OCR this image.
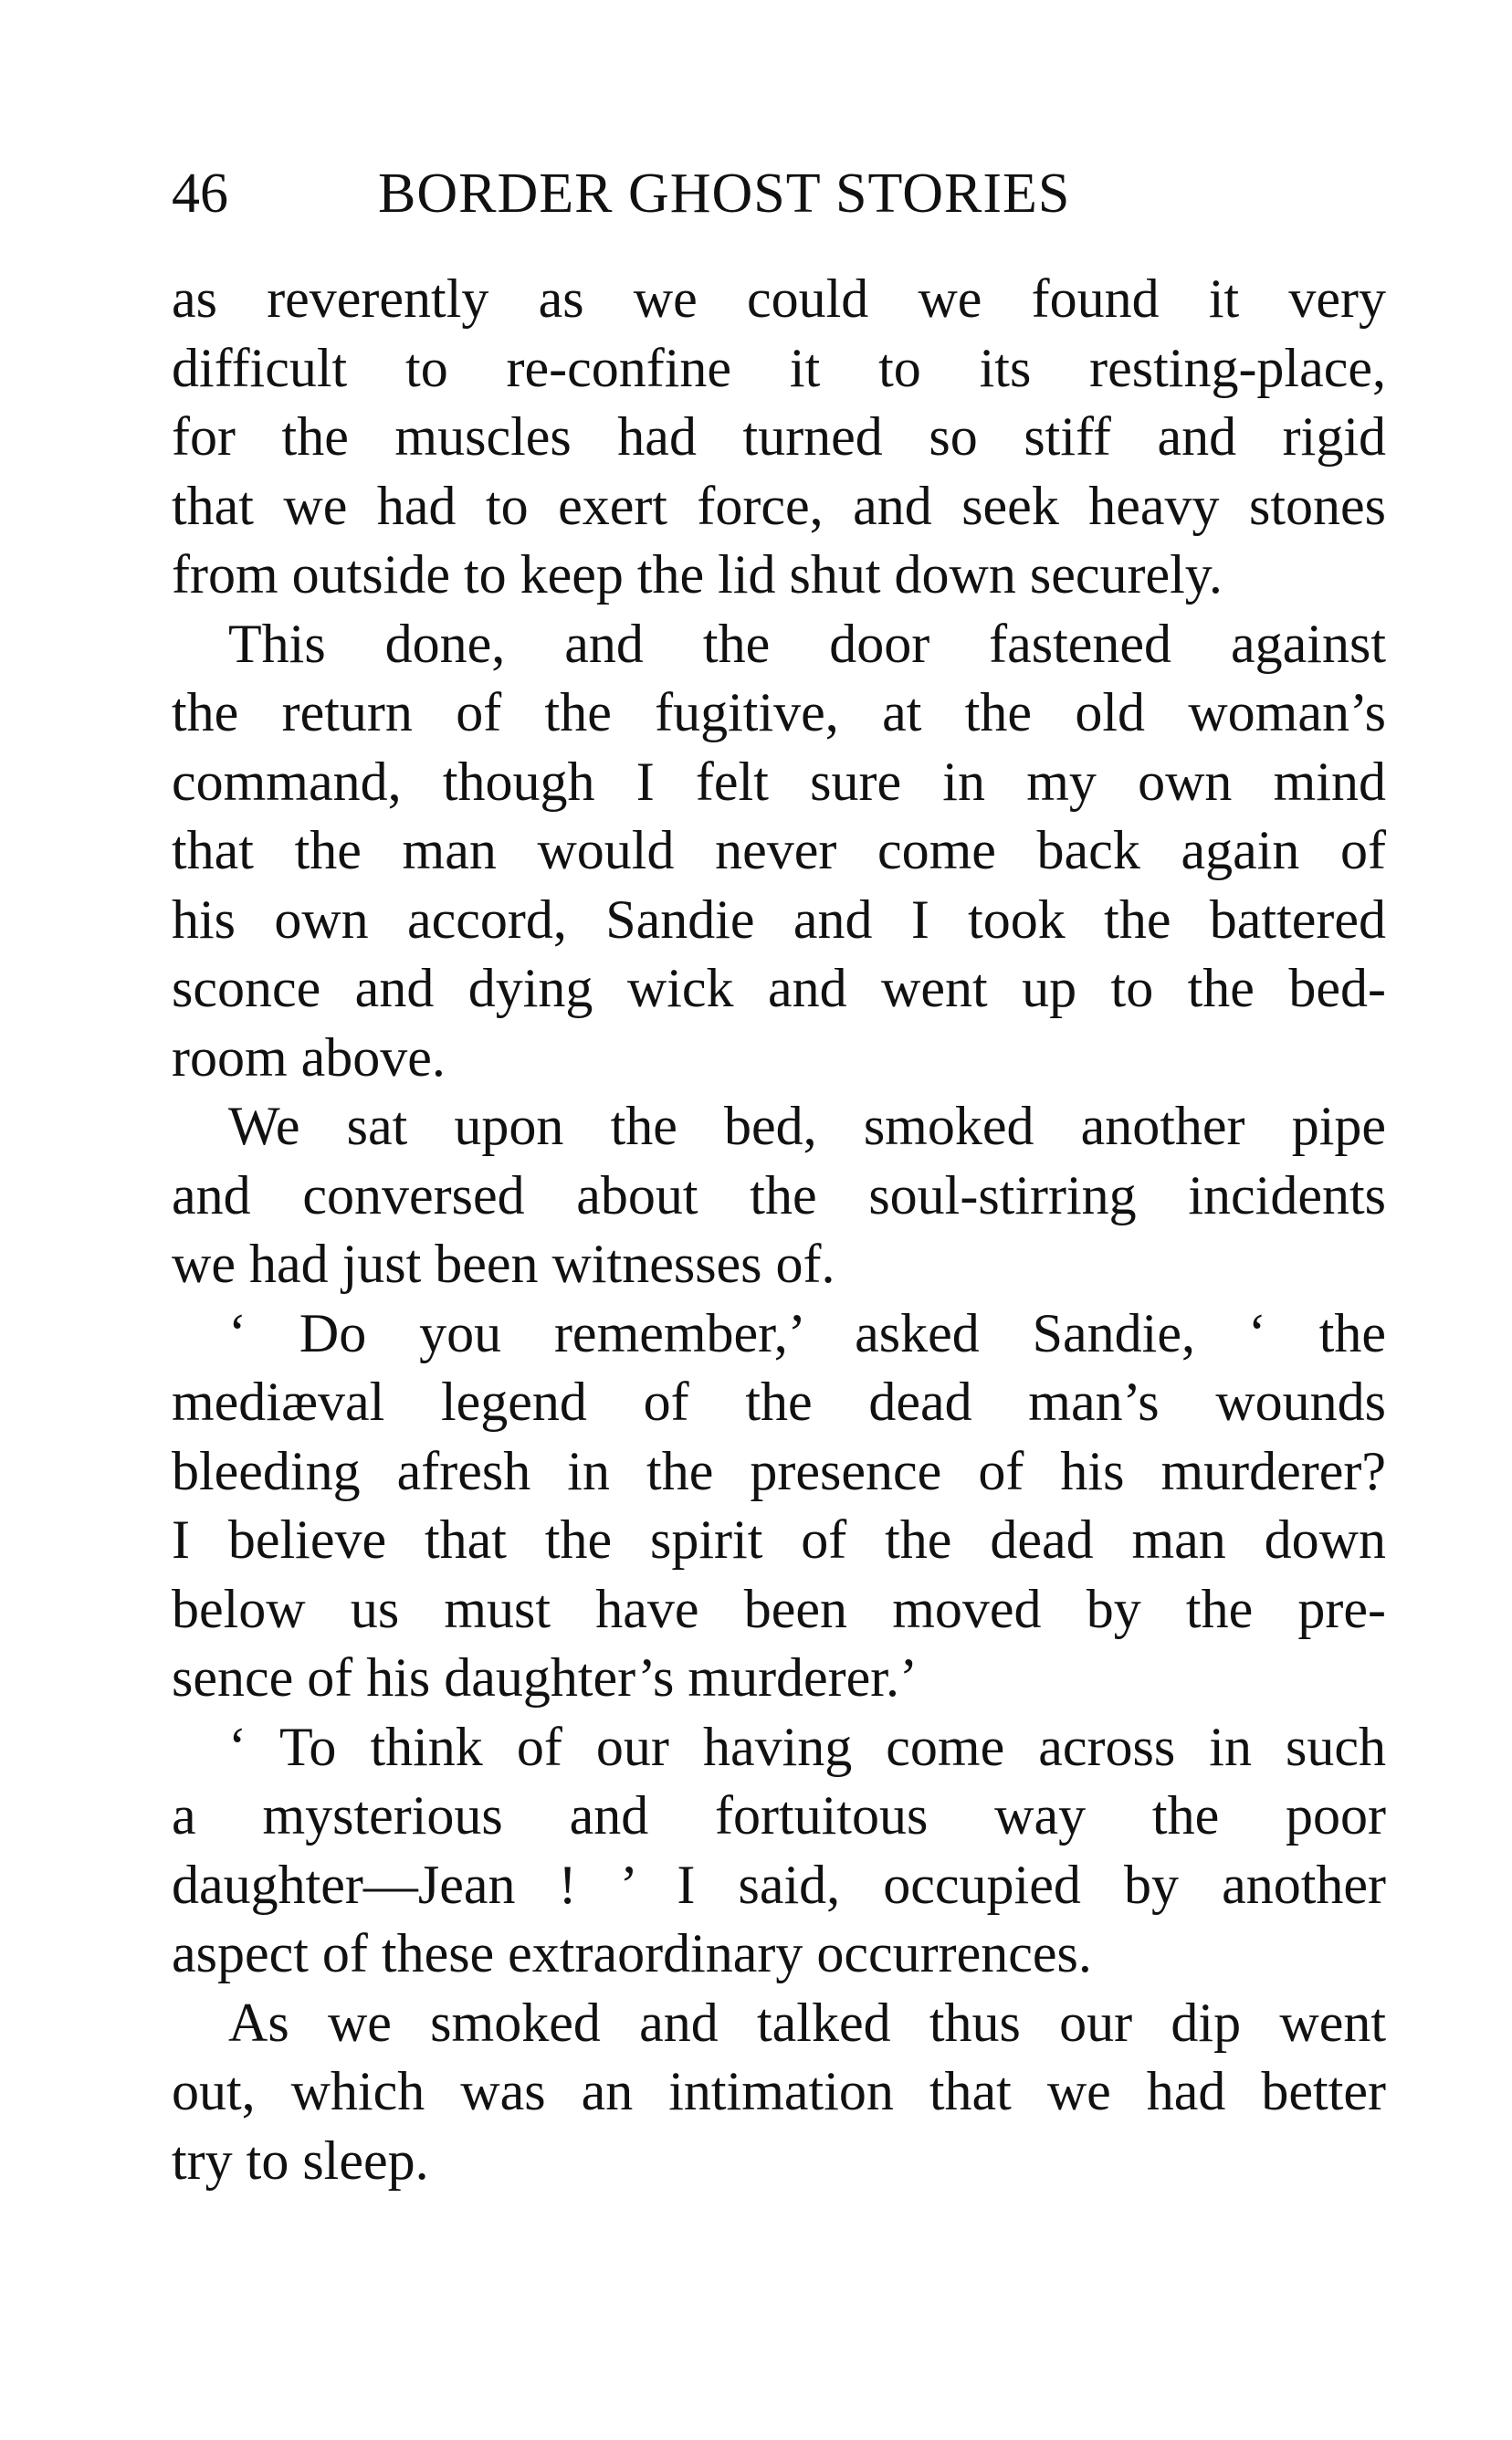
46	BORDER GHOST STORIES
as reverently as we could we found it very
difficult to re-confine it to its resting-place,
for the muscles had turned so stiff and rigid
that we had to exert force, and seek heavy stones
from outside to keep the lid shut down securely.
This done, and the door fastened against
the return of the fugitive, at the old woman’s
command, though I felt sure in my own mind
that the man would never come back again of
his own accord, Sandie and I took the battered
sconce and dying wick and went up to the bed-
room above.
We sat upon the bed, smoked another pipe
and conversed about the soul-stirring incidents
we had just been witnesses of.
‘ Do you remember,’ asked Sandie, ‘ the
mediæval legend of the dead man’s wounds
bleeding afresh in the presence of his murderer?
I believe that the spirit of the dead man down
below us must have been moved by the pre-
sence of his daughter’s murderer.’
‘ To think of our having come across in such
a mysterious and fortuitous way the poor
daughter—Jean ! ’ I said, occupied by another
aspect of these extraordinary occurrences.
As we smoked and talked thus our dip went
out, which was an intimation that we had better
try to sleep.
